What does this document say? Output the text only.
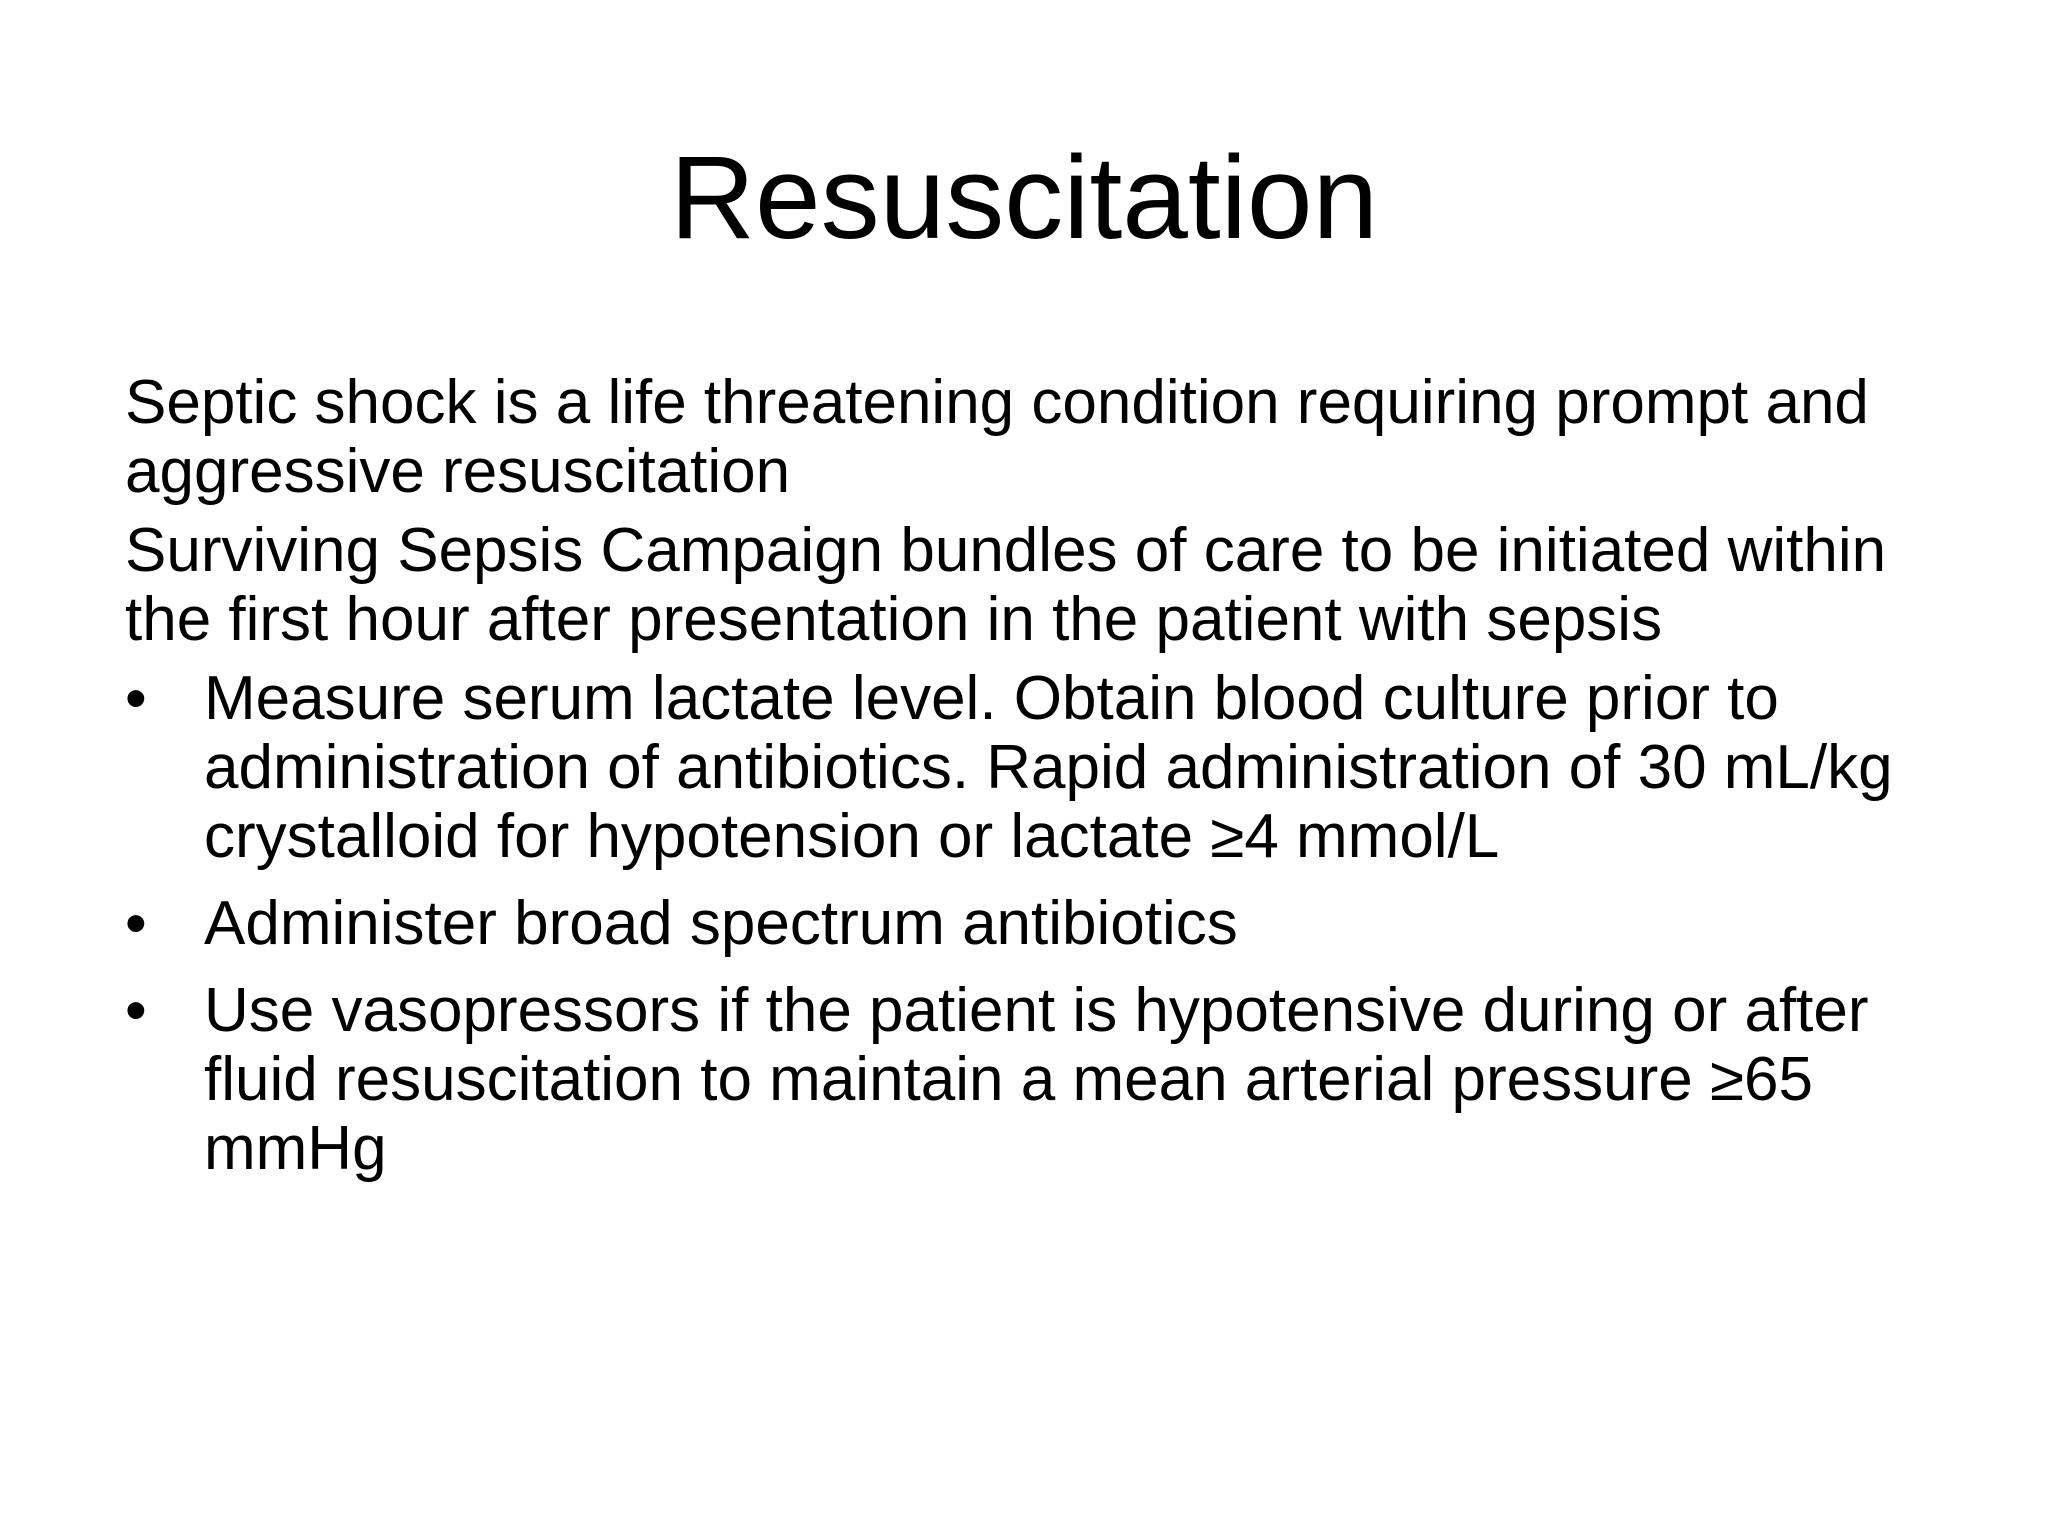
Resuscitation

Septic shock is a life threatening condition requiring prompt and aggressive resuscitation

Surviving Sepsis Campaign bundles of care to be initiated within the first hour after presentation in the patient with sepsis

• Measure serum lactate level. Obtain blood culture prior to administration of antibiotics. Rapid administration of 30 mL/kg crystalloid for hypotension or lactate ≥4 mmol/L
• Administer broad spectrum antibiotics
• Use vasopressors if the patient is hypotensive during or after fluid resuscitation to maintain a mean arterial pressure ≥65 mmHg
